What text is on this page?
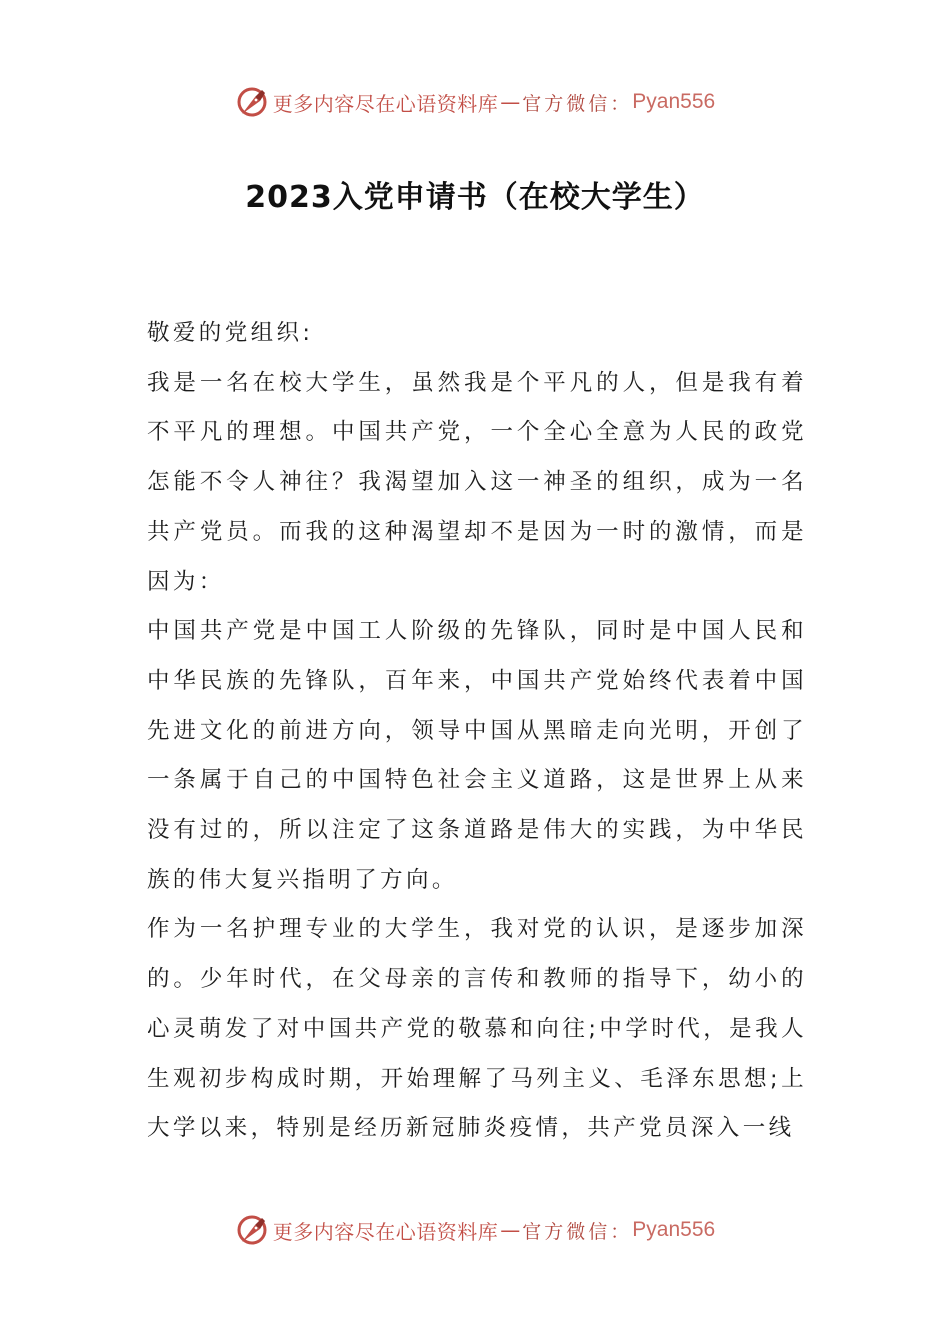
更多内容尽在心语资料库 — 官方微信： Pyan556
2023入党申请书（在校大学生）

敬爱的党组织:

我是一名在校大学生，虽然我是个平凡的人，但是我有着不平凡的理想。中国共产党，一个全心全意为人民的政党怎能不令人神往？我渴望加入这一神圣的组织，成为一名共产党员。而我的这种渴望却不是因为一时的激情，而是因为：

中国共产党是中国工人阶级的先锋队，同时是中国人民和中华民族的先锋队，百年来，中国共产党始终代表着中国先进文化的前进方向，领导中国从黑暗走向光明，开创了一条属于自己的中国特色社会主义道路，这是世界上从来没有过的，所以注定了这条道路是伟大的实践，为中华民族的伟大复兴指明了方向。

作为一名护理专业的大学生，我对党的认识，是逐步加深的。少年时代，在父母亲的言传和教师的指导下，幼小的心灵萌发了对中国共产党的敬慕和向往;中学时代，是我人生观初步构成时期，开始理解了马列主义、毛泽东思想;上大学以来，特别是经历新冠肺炎疫情，共产党员深入一线

更多内容尽在心语资料库 — 官方微信： Pyan556
